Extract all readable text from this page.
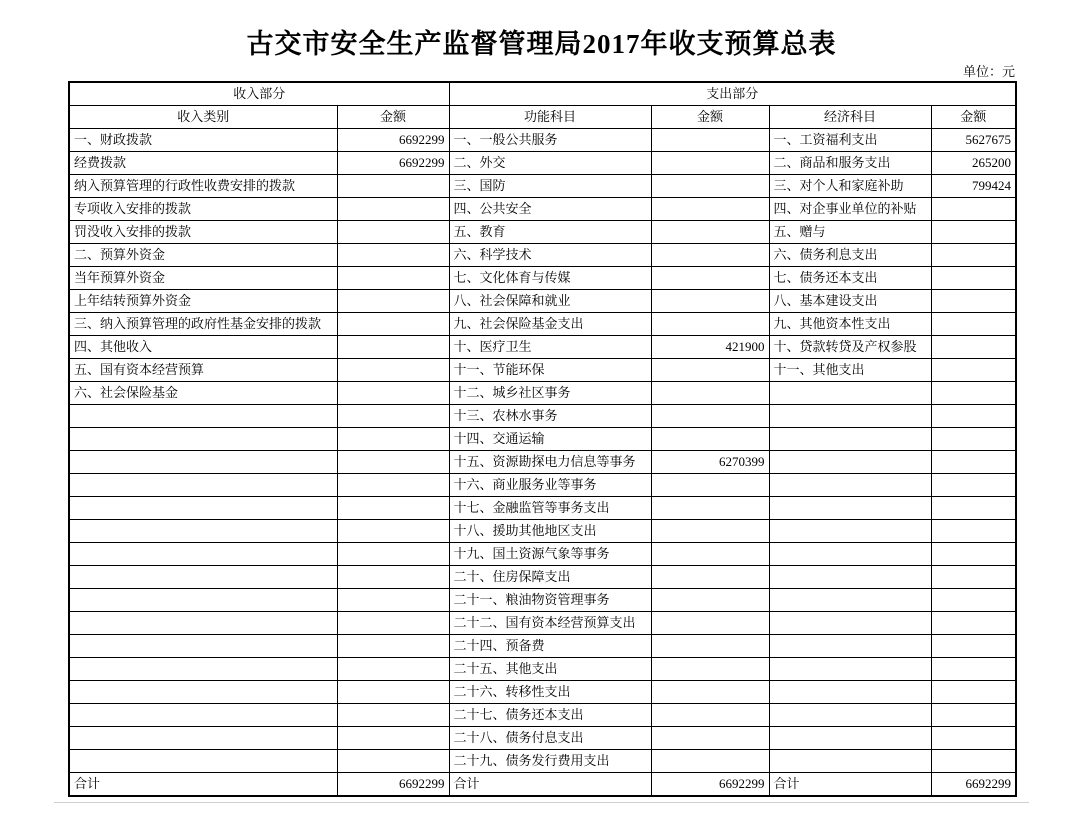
古交市安全生产监督管理局2017年收支预算总表
单位：元
收入部分		支出部分			
收入类别	金额	功能科目	金额	经济科目	金额
一、财政拨款	6692299	一、一般公共服务		一、工资福利支出	5627675
经费拨款	6692299	二、外交		二、商品和服务支出	265200
纳入预算管理的行政性收费安排的拨款		三、国防		三、对个人和家庭补助	799424
专项收入安排的拨款		四、公共安全		四、对企事业单位的补贴	
罚没收入安排的拨款		五、教育		五、赠与	
二、预算外资金		六、科学技术		六、债务利息支出	
当年预算外资金		七、文化体育与传媒		七、债务还本支出	
上年结转预算外资金		八、社会保障和就业		八、基本建设支出	
三、纳入预算管理的政府性基金安排的拨款		九、社会保险基金支出		九、其他资本性支出	
四、其他收入		十、医疗卫生	421900	十、贷款转贷及产权参股	
五、国有资本经营预算		十一、节能环保		十一、其他支出	
六、社会保险基金		十二、城乡社区事务			
		十三、农林水事务			
		十四、交通运输			
		十五、资源勘探电力信息等事务	6270399		
		十六、商业服务业等事务			
		十七、金融监管等事务支出			
		十八、援助其他地区支出			
		十九、国土资源气象等事务			
		二十、住房保障支出			
		二十一、粮油物资管理事务			
		二十二、国有资本经营预算支出			
		二十四、预备费			
		二十五、其他支出			
		二十六、转移性支出			
		二十七、债务还本支出			
		二十八、债务付息支出			
		二十九、债务发行费用支出			
合计	6692299	合计	6692299	合计	6692299
